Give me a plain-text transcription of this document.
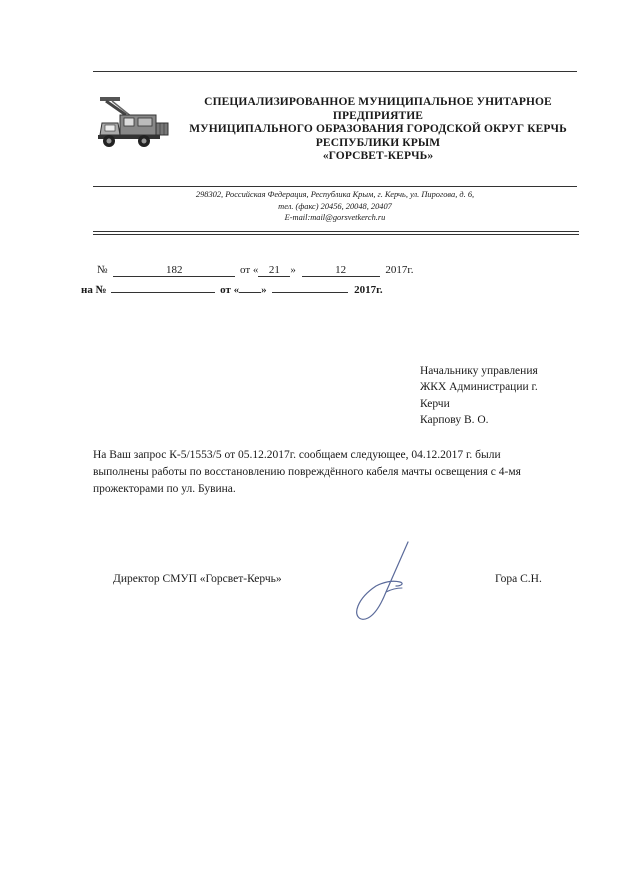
СПЕЦИАЛИЗИРОВАННОЕ МУНИЦИПАЛЬНОЕ УНИТАРНОЕ
ПРЕДПРИЯТИЕ
МУНИЦИПАЛЬНОГО ОБРАЗОВАНИЯ ГОРОДСКОЙ ОКРУГ КЕРЧЬ
РЕСПУБЛИКИ КРЫМ
«ГОРСВЕТ-КЕРЧЬ»
298302, Российская Федерация, Республика Крым, г. Керчь, ул. Пирогова, д. 6,
тел. (факс) 20456, 20048, 20407
E-mail:mail@gorsvetkerch.ru
№	182	от « 21 »	12	2017г.
на №	от « »	2017г.
Начальнику управления
ЖКХ Администрации г.
Керчи
Карпову В. О.
На Ваш запрос К-5/1553/5 от 05.12.2017г. сообщаем следующее, 04.12.2017 г. были
выполнены работы по восстановлению повреждённого кабеля мачты освещения с 4-мя
прожекторами по ул. Бувина.
Директор СМУП «Горсвет-Керчь»	Гора С.Н.
